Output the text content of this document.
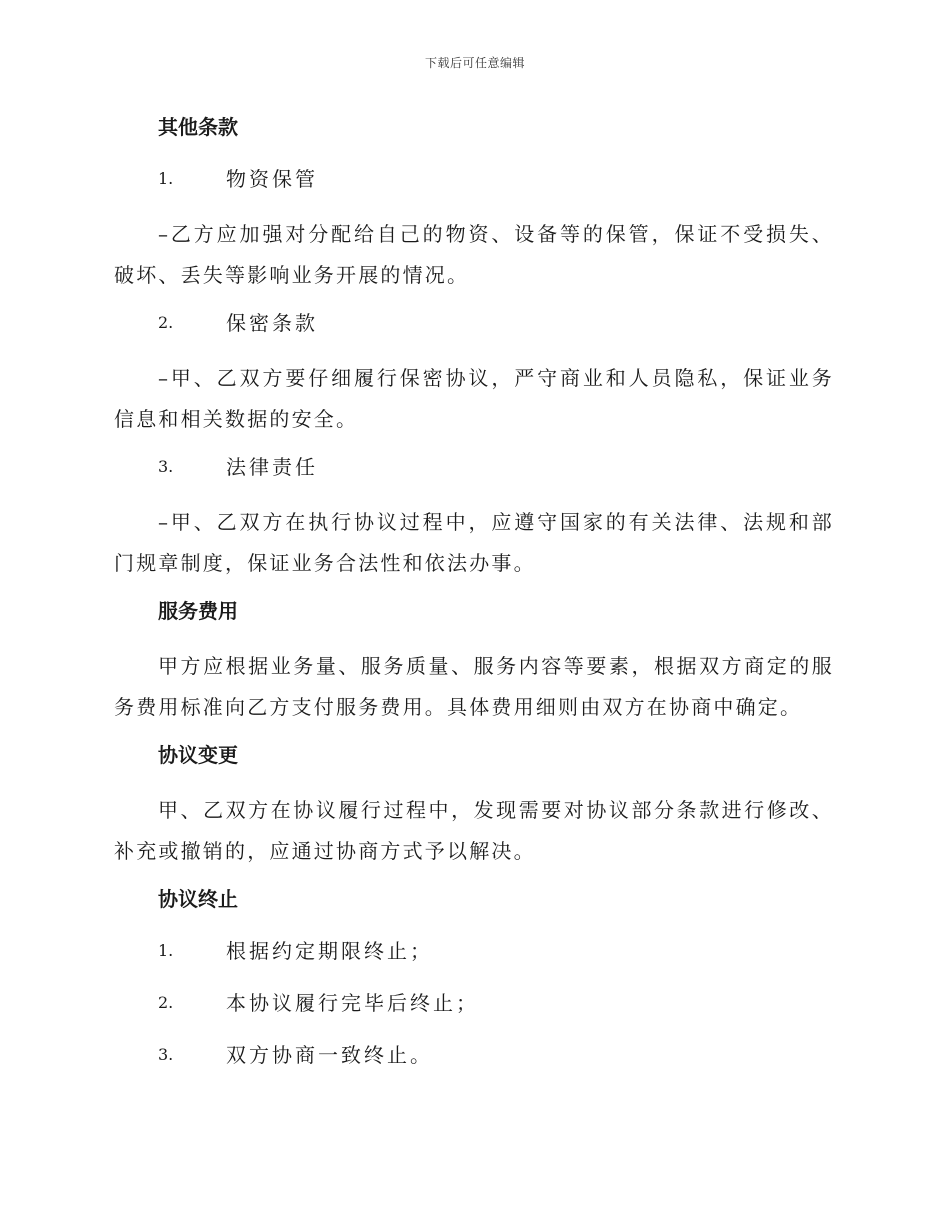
下载后可任意编辑
其他条款
1.	物资保管
–乙方应加强对分配给自己的物资、设备等的保管，保证不受损失、破坏、丢失等影响业务开展的情况。
2.	保密条款
–甲、乙双方要仔细履行保密协议，严守商业和人员隐私，保证业务信息和相关数据的安全。
3.	法律责任
–甲、乙双方在执行协议过程中，应遵守国家的有关法律、法规和部门规章制度，保证业务合法性和依法办事。
服务费用
甲方应根据业务量、服务质量、服务内容等要素，根据双方商定的服务费用标准向乙方支付服务费用。具体费用细则由双方在协商中确定。
协议变更
甲、乙双方在协议履行过程中，发现需要对协议部分条款进行修改、补充或撤销的，应通过协商方式予以解决。
协议终止
1.	根据约定期限终止；
2.	本协议履行完毕后终止；
3.	双方协商一致终止。
